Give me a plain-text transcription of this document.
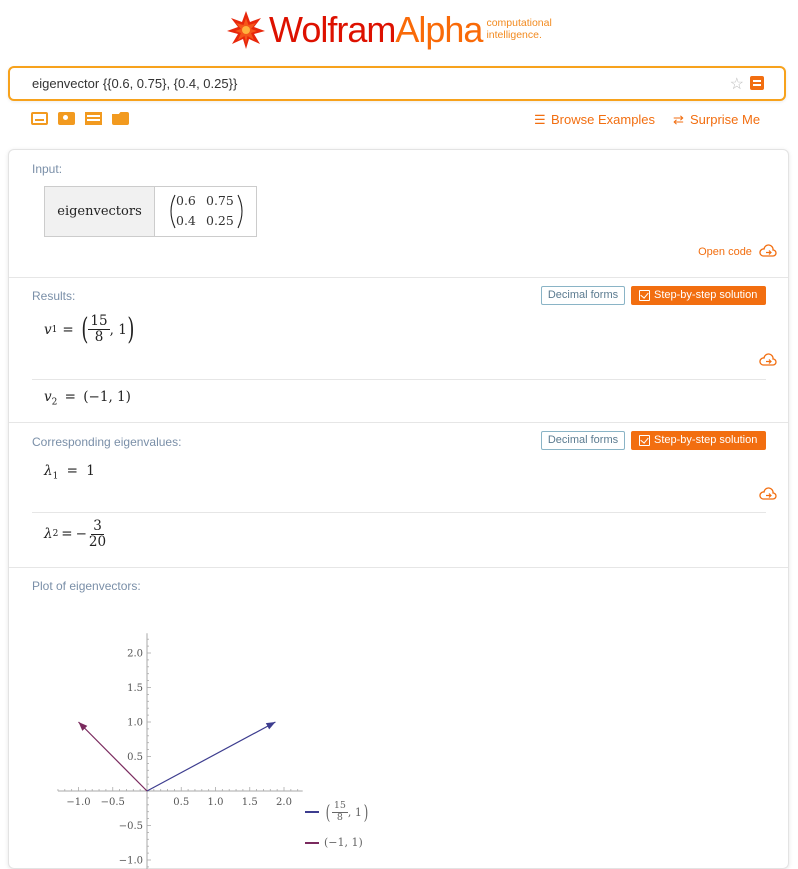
Wolfram Alpha computational
intelligence.
eigenvector {{0.6, 0.75}, {0.4, 0.25}}	☆
☰ Browse Examples ⇄ Surprise Me
Input:
eigenvectors
0.6 0.75
0.4 0.25
Open code
Results:	Decimal forms	Step-by-step solution
v 1 = ( $\frac{15}{8}$ , 1 )
$v_2 = (-1$, 1)
Corresponding eigenvalues:	Decimal forms	Step-by-step solution
$\lambda_1 = 1$
λ 2 = − $\frac{3}{20}$
Plot of eigenvectors:
−1.0 −0.5	0.5 1.0 1.5 2.0
2.0
1.5
1.0
0.5
−0.5
−1.0
( $\frac{15}{8}$ , 1 )
(−1, 1)
